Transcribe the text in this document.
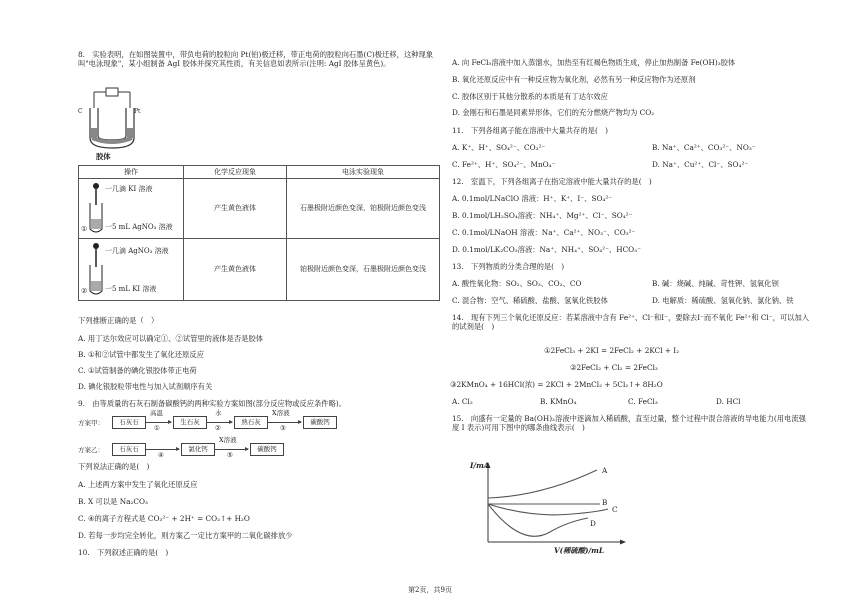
8.　实验表明，在如图装置中，带负电荷的胶粒向 Pt(铂)极迁移，带正电荷的胶粒向石墨(C)极迁移，这种现象叫"电泳现象"，某小组制备 AgI 胶体并探究其性质，有关信息如表所示(注明: AgI 胶体呈黄色)。
C	Pt
胶体
操作	化学反应现象	电泳实验现象

一几滴 KI 溶液
① 一5 mL AgNO₃ 溶液	产生黄色液体	石墨极附近颜色变深，铂极附近颜色变浅

一几滴 AgNO₃ 溶液
② 一5 mL KI 溶液	产生黄色液体	铂极附近颜色变深，石墨极附近颜色变浅
下列推断正确的是（　）
A. 用丁达尔效应可以确定①、②试管里的液体是否是胶体
B. ①和②试管中都发生了氧化还原反应
C. ①试管制备的碘化银胶体带正电荷
D. 碘化银胶粒带电性与加入试剂顺序有关
9.　由等质量的石灰石制备碳酸钙的两种实验方案如图(部分反应物或反应条件略)。
方案甲：	石灰石
高温
①
生石灰
水
②
熟石灰
X溶液
③
碳酸钙
方案乙：	石灰石
④
氯化钙
X溶液
⑤
碳酸钙
下列说法正确的是(　)
A. 上述两方案中发生了氧化还原反应
B. X 可以是 Na₂CO₃
C. ④的离子方程式是 CO₃²⁻ + 2H⁺ = CO₂↑+ H₂O
D. 若每一步均完全转化，则方案乙一定比方案甲的二氧化碳排放少
10.　下列叙述正确的是(　)
A. 向 FeCl₃溶液中加入蒸馏水，加热至有红褐色物质生成，停止加热制备 Fe(OH)₃胶体
B. 氧化还原反应中有一种反应物为氧化剂，必然有另一种反应物作为还原剂
C. 胶体区别于其他分散系的本质是有丁达尔效应
D. 金刚石和石墨是同素异形体，它们的充分燃烧产物均为 CO₂
11.　下列各组离子能在溶液中大量共存的是(　)
A. K⁺、H⁺、SO₄²⁻、CO₃²⁻	B. Na⁺、Ca²⁺、CO₃²⁻、NO₃⁻
C. Fe²⁺、H⁺、SO₄²⁻、MnO₄⁻	D. Na⁺、Cu²⁺、Cl⁻、SO₄²⁻
12.　室温下，下列各组离子在指定溶液中能大量共存的是(　)
A. 0.1mol/LNaClO 溶液：H⁺、K⁺、I⁻、SO₄²⁻
B. 0.1mol/LH₂SO₄溶液：NH₄⁺、Mg²⁺、Cl⁻、SO₄²⁻
C. 0.1mol/LNaOH 溶液：Na⁺、Ca²⁺、NO₃⁻、CO₃²⁻
D. 0.1mol/LK₂CO₃溶液：Na⁺、NH₄⁺、SO₄²⁻、HCO₃⁻
13.　下列物质的分类合理的是(　)
A. 酸性氧化物：SO₂、SO₃、CO₂、CO	B. 碱：烧碱、纯碱、苛性钾、氢氧化钡
C. 混合物：空气、稀硫酸、盐酸、氢氧化铁胶体	D. 电解质：稀硫酸、氢氧化钠、氯化钠、铁
14.　现有下列三个氧化还原反应：若某溶液中含有 Fe²⁺、Cl⁻和I⁻，要除去I⁻而不氧化 Fe²⁺和 Cl⁻，可以加入的试剂是(　)
①2FeCl₃ + 2KI = 2FeCl₂ + 2KCl + I₂
②2FeCl₂ + Cl₂ = 2FeCl₃
③2KMnO₄ + 16HCl(浓) = 2KCl + 2MnCl₂ + 5Cl₂↑+ 8H₂O
A. Cl₂	B. KMnO₄	C. FeCl₃	D. HCl
15.　向盛有一定量的 Ba(OH)₂溶液中逐滴加入稀硫酸，直至过量，整个过程中混合溶液的导电能力(用电流强度 I 表示)可用下图中的哪条曲线表示(　)
I/mA
A
B
C
D
V(稀硫酸)/mL
第2页，共9页
